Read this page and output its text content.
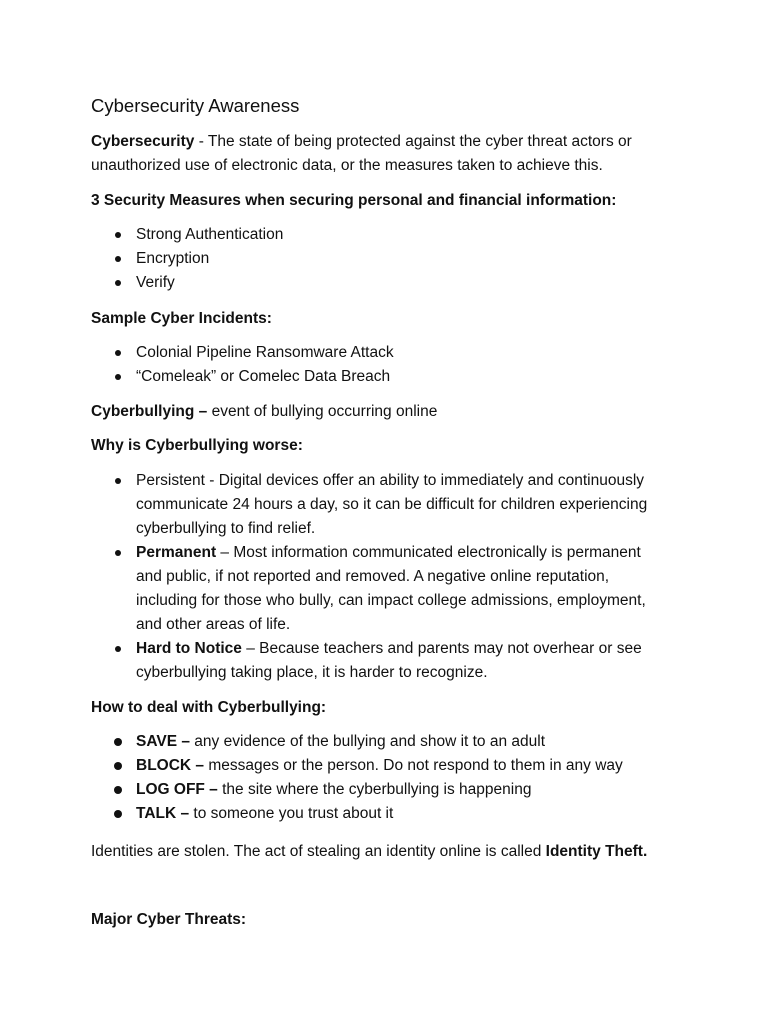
Cybersecurity Awareness
Cybersecurity - The state of being protected against the cyber threat actors or
unauthorized use of electronic data, or the measures taken to achieve this.
3 Security Measures when securing personal and financial information:
Strong Authentication
Encryption
Verify
Sample Cyber Incidents:
Colonial Pipeline Ransomware Attack
“Comeleak” or Comelec Data Breach
Cyberbullying – event of bullying occurring online
Why is Cyberbullying worse:
Persistent - Digital devices offer an ability to immediately and continuously
communicate 24 hours a day, so it can be difficult for children experiencing
cyberbullying to find relief.
Permanent – Most information communicated electronically is permanent
and public, if not reported and removed. A negative online reputation,
including for those who bully, can impact college admissions, employment,
and other areas of life.
Hard to Notice – Because teachers and parents may not overhear or see
cyberbullying taking place, it is harder to recognize.
How to deal with Cyberbullying:
SAVE – any evidence of the bullying and show it to an adult
BLOCK – messages or the person. Do not respond to them in any way
LOG OFF – the site where the cyberbullying is happening
TALK – to someone you trust about it
Identities are stolen. The act of stealing an identity online is called Identity Theft.
Major Cyber Threats:
